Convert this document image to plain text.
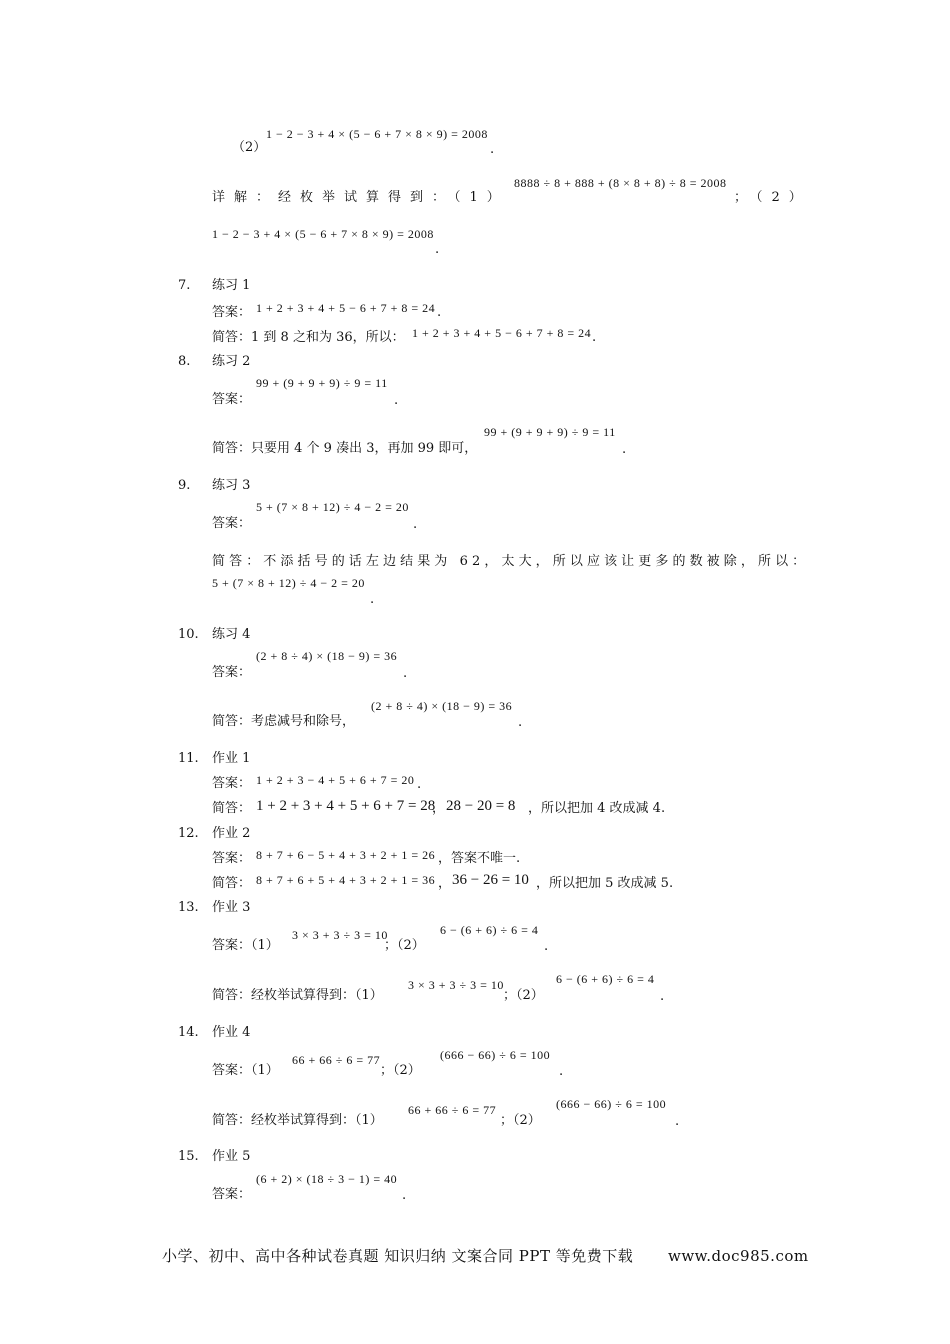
（2）
1 − 2 − 3 + 4 × (5 − 6 + 7 × 8 × 9) = 2008
.
详解：经枚举试算得到：（1）
8888 ÷ 8 + 888 + (8 × 8 + 8) ÷ 8 = 2008
；（2）
1 − 2 − 3 + 4 × (5 − 6 + 7 × 8 × 9) = 2008
.
7. 练习 1
答案： 1 + 2 + 3 + 4 + 5 − 6 + 7 + 8 = 24 .
简答：1 到 8 之和为 36，所以： 1 + 2 + 3 + 4 + 5 − 6 + 7 + 8 = 24 .
8. 练习 2
答案：
99 + (9 + 9 + 9) ÷ 9 = 11
.
简答：只要用 4 个 9 凑出 3，再加 99 即可，
99 + (9 + 9 + 9) ÷ 9 = 11
.
9. 练习 3
答案：
5 + (7 × 8 + 12) ÷ 4 − 2 = 20
.
简答：不添括号的话左边结果为 62，太大，所以应该让更多的数被除，所以：
5 + (7 × 8 + 12) ÷ 4 − 2 = 20
.
10. 练习 4
答案：
(2 + 8 ÷ 4) × (18 − 9) = 36
.
简答：考虑减号和除号，
(2 + 8 ÷ 4) × (18 − 9) = 36
.
11. 作业 1
答案： 1 + 2 + 3 − 4 + 5 + 6 + 7 = 20 .
简答： 1 + 2 + 3 + 4 + 5 + 6 + 7 = 28
， 28 − 20 = 8 ，所以把加 4 改成减 4.
12. 作业 2
答案： 8 + 7 + 6 − 5 + 4 + 3 + 2 + 1 = 26 ，答案不唯一.
简答： 8 + 7 + 6 + 5 + 4 + 3 + 2 + 1 = 36 ， 36 − 26 = 10 ，所以把加 5 改成减 5.
13. 作业 3
答案：（1）
3 × 3 + 3 ÷ 3 = 10
；（2）
6 − (6 + 6) ÷ 6 = 4
.
简答：经枚举试算得到：（1）
3 × 3 + 3 ÷ 3 = 10
；（2）
6 − (6 + 6) ÷ 6 = 4
.
14. 作业 4
答案：（1）
66 + 66 ÷ 6 = 77
；（2）
(666 − 66) ÷ 6 = 100
.
简答：经枚举试算得到：（1）
66 + 66 ÷ 6 = 77
；（2）
(666 − 66) ÷ 6 = 100
.
15. 作业 5
答案：
(6 + 2) × (18 ÷ 3 − 1) = 40
.
小学、初中、高中各种试卷真题 知识归纳 文案合同 PPT 等免费下载 www.doc985.com
